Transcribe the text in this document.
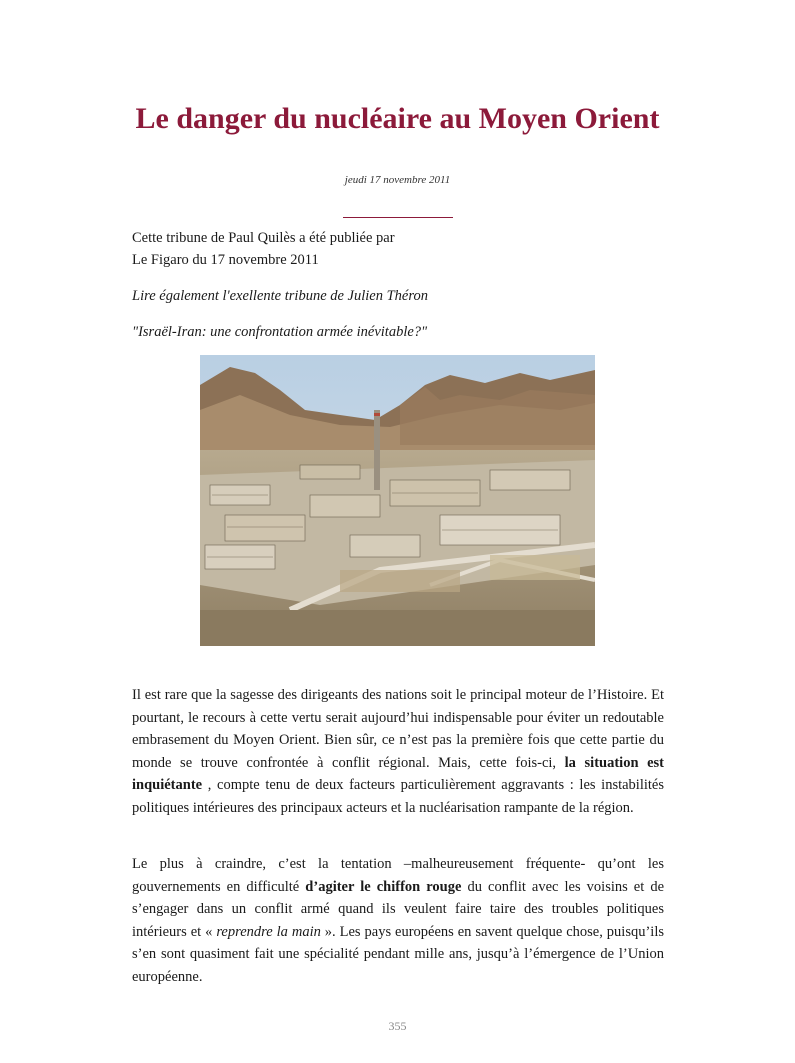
Le danger du nucléaire au Moyen Orient
jeudi 17 novembre 2011
Cette tribune de Paul Quilès a été publiée par
Le Figaro du 17 novembre 2011
Lire également l'exellente tribune de Julien Théron
"Israël-Iran: une confrontation armée inévitable?"

Il est rare que la sagesse des dirigeants des nations soit le principal moteur de l’Histoire. Et pourtant, le recours à cette vertu serait aujourd’hui indispensable pour éviter un redoutable embrasement du Moyen Orient. Bien sûr, ce n’est pas la première fois que cette partie du monde se trouve confrontée à conflit régional. Mais, cette fois-ci, la situation est inquiétante , compte tenu de deux facteurs particulièrement aggravants : les instabilités politiques intérieures des principaux acteurs et la nucléarisation rampante de la région.

Le plus à craindre, c’est la tentation –malheureusement fréquente- qu’ont les gouvernements en difficulté d’agiter le chiffon rouge du conflit avec les voisins et de s’engager dans un conflit armé quand ils veulent faire taire des troubles politiques intérieurs et « reprendre la main ». Les pays européens en savent quelque chose, puisqu’ils s’en sont quasiment fait une spécialité pendant mille ans, jusqu’à l’émergence de l’Union européenne.

355
